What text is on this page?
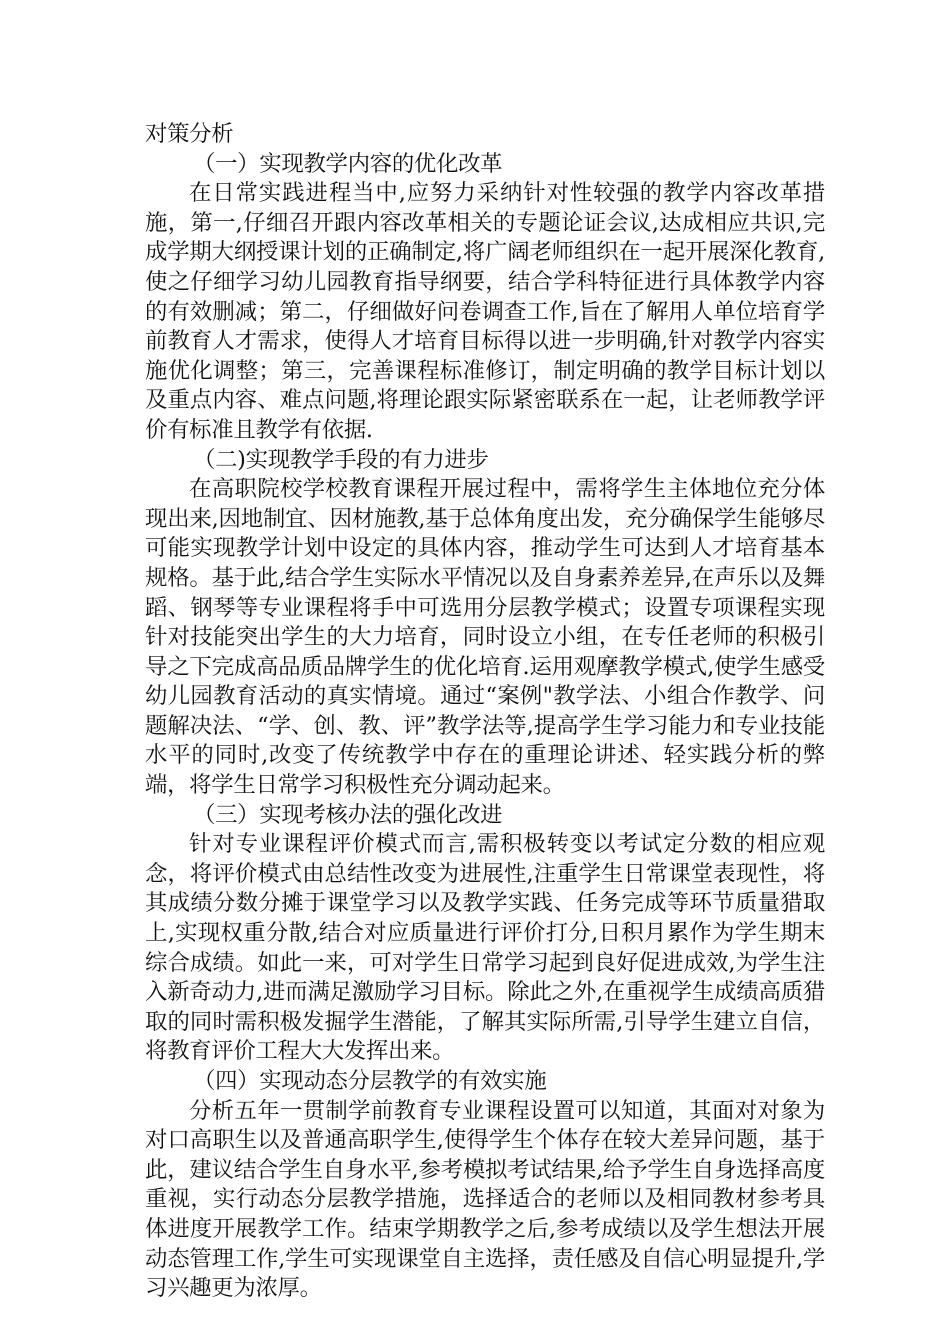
对策分析
（一）实现教学内容的优化改革

在日常实践进程当中,应努力采纳针对性较强的教学内容改革措施，第一,仔细召开跟内容改革相关的专题论证会议,达成相应共识,完成学期大纲授课计划的正确制定,将广阔老师组织在一起开展深化教育,使之仔细学习幼儿园教育指导纲要，结合学科特征进行具体教学内容的有效删减；第二，仔细做好问卷调查工作,旨在了解用人单位培育学前教育人才需求，使得人才培育目标得以进一步明确,针对教学内容实施优化调整；第三，完善课程标准修订，制定明确的教学目标计划以及重点内容、难点问题,将理论跟实际紧密联系在一起，让老师教学评价有标准且教学有依据.

（二)实现教学手段的有力进步

在高职院校学校教育课程开展过程中，需将学生主体地位充分体现出来,因地制宜、因材施教,基于总体角度出发，充分确保学生能够尽可能实现教学计划中设定的具体内容，推动学生可达到人才培育基本规格。基于此,结合学生实际水平情况以及自身素养差异,在声乐以及舞蹈、钢琴等专业课程将手中可选用分层教学模式；设置专项课程实现针对技能突出学生的大力培育，同时设立小组，在专任老师的积极引导之下完成高品质品牌学生的优化培育.运用观摩教学模式,使学生感受幼儿园教育活动的真实情境。通过“案例"教学法、小组合作教学、问题解决法、“学、创、教、评”教学法等,提高学生学习能力和专业技能水平的同时,改变了传统教学中存在的重理论讲述、轻实践分析的弊端，将学生日常学习积极性充分调动起来。

（三）实现考核办法的强化改进

针对专业课程评价模式而言,需积极转变以考试定分数的相应观念，将评价模式由总结性改变为进展性,注重学生日常课堂表现性，将其成绩分数分摊于课堂学习以及教学实践、任务完成等环节质量猎取上,实现权重分散,结合对应质量进行评价打分,日积月累作为学生期末综合成绩。如此一来，可对学生日常学习起到良好促进成效,为学生注入新奇动力,进而满足激励学习目标。除此之外,在重视学生成绩高质猎取的同时需积极发掘学生潜能，了解其实际所需,引导学生建立自信，将教育评价工程大大发挥出来。

（四）实现动态分层教学的有效实施

分析五年一贯制学前教育专业课程设置可以知道，其面对对象为对口高职生以及普通高职学生,使得学生个体存在较大差异问题，基于此，建议结合学生自身水平,参考模拟考试结果,给予学生自身选择高度重视，实行动态分层教学措施，选择适合的老师以及相同教材参考具体进度开展教学工作。结束学期教学之后,参考成绩以及学生想法开展动态管理工作,学生可实现课堂自主选择，责任感及自信心明显提升,学习兴趣更为浓厚。
